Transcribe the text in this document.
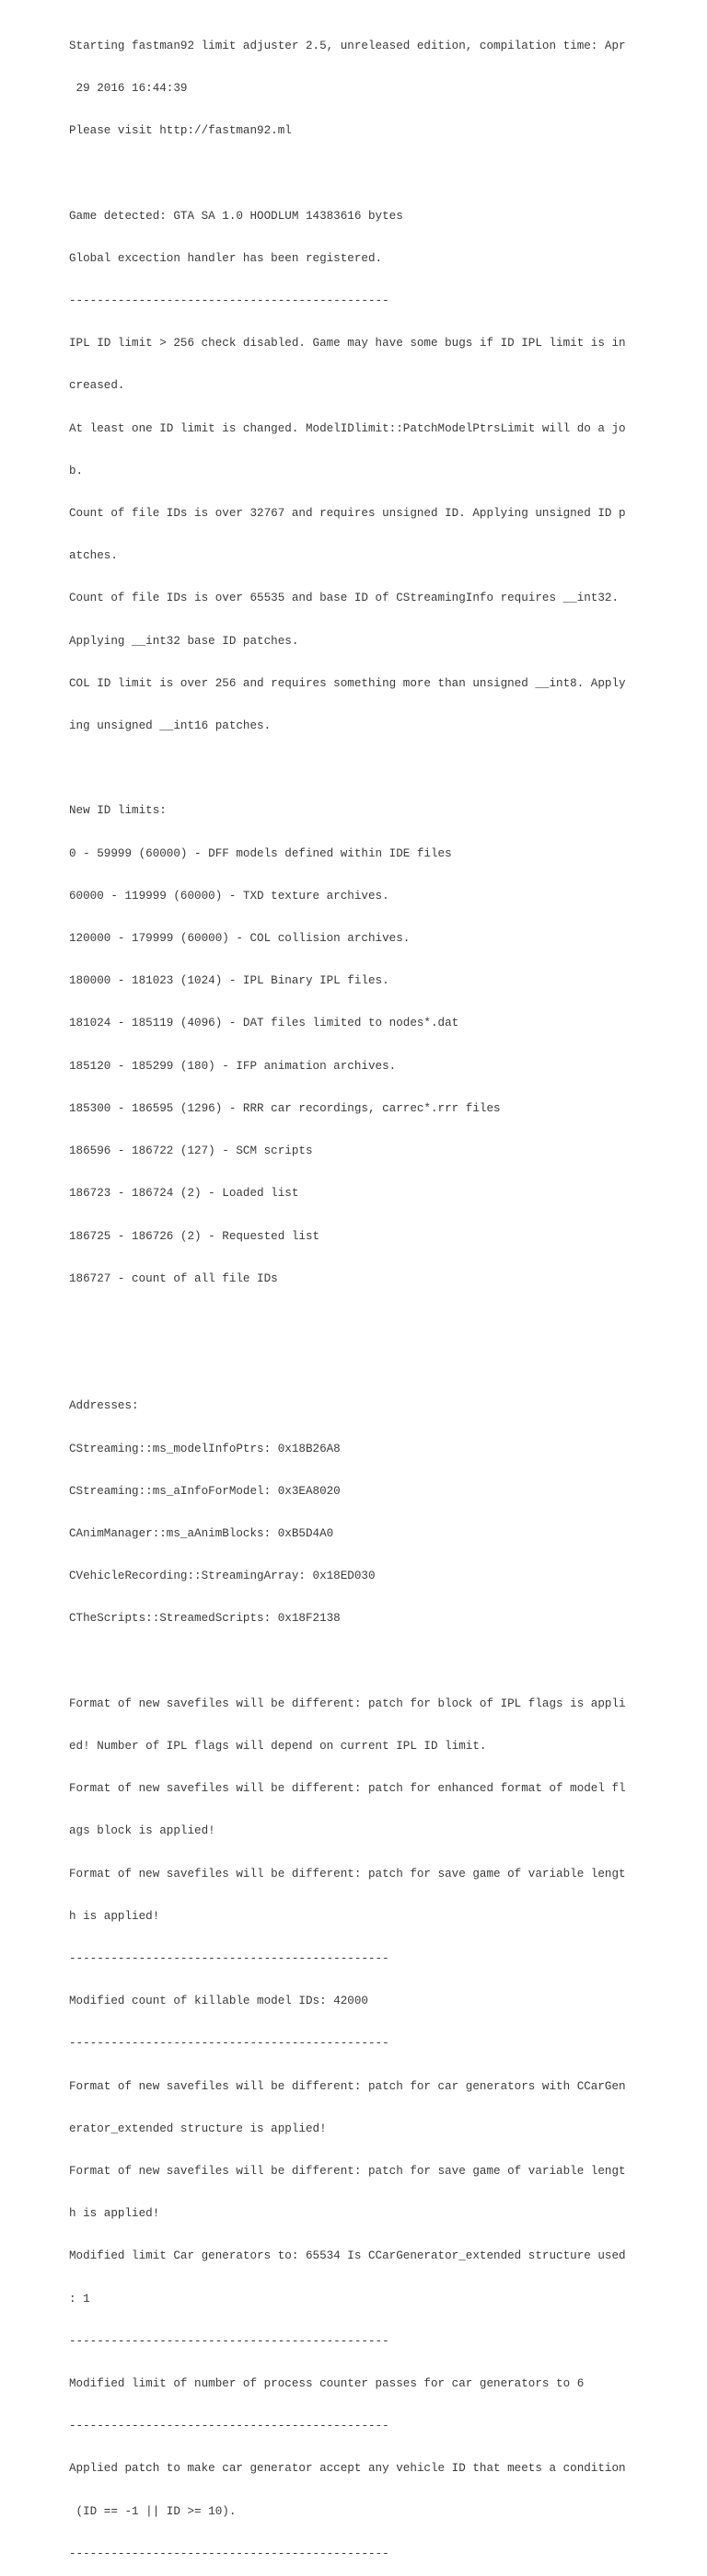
Starting fastman92 limit adjuster 2.5, unreleased edition, compilation time: Apr

29 2016 16:44:39

Please visit http://fastman92.ml

Game detected: GTA SA 1.0 HOODLUM 14383616 bytes

Global excection handler has been registered.

----------------------------------------------

IPL ID limit > 256 check disabled. Game may have some bugs if ID IPL limit is in

creased.

At least one ID limit is changed. ModelIDlimit::PatchModelPtrsLimit will do a jo

b.

Count of file IDs is over 32767 and requires unsigned ID. Applying unsigned ID p

atches.

Count of file IDs is over 65535 and base ID of CStreamingInfo requires __int32.

Applying __int32 base ID patches.

COL ID limit is over 256 and requires something more than unsigned __int8. Apply

ing unsigned __int16 patches.

New ID limits:

0 - 59999 (60000) - DFF models defined within IDE files

60000 - 119999 (60000) - TXD texture archives.

120000 - 179999 (60000) - COL collision archives.

180000 - 181023 (1024) - IPL Binary IPL files.

181024 - 185119 (4096) - DAT files limited to nodes*.dat

185120 - 185299 (180) - IFP animation archives.

185300 - 186595 (1296) - RRR car recordings, carrec*.rrr files

186596 - 186722 (127) - SCM scripts

186723 - 186724 (2) - Loaded list

186725 - 186726 (2) - Requested list

186727 - count of all file IDs

Addresses:

CStreaming::ms_modelInfoPtrs: 0x18B26A8

CStreaming::ms_aInfoForModel: 0x3EA8020

CAnimManager::ms_aAnimBlocks: 0xB5D4A0

CVehicleRecording::StreamingArray: 0x18ED030

CTheScripts::StreamedScripts: 0x18F2138

Format of new savefiles will be different: patch for block of IPL flags is appli

ed! Number of IPL flags will depend on current IPL ID limit.

Format of new savefiles will be different: patch for enhanced format of model fl

ags block is applied!

Format of new savefiles will be different: patch for save game of variable lengt

h is applied!

----------------------------------------------

Modified count of killable model IDs: 42000

----------------------------------------------

Format of new savefiles will be different: patch for car generators with CCarGen

erator_extended structure is applied!

Format of new savefiles will be different: patch for save game of variable lengt

h is applied!

Modified limit Car generators to: 65534 Is CCarGenerator_extended structure used

: 1

----------------------------------------------

Modified limit of number of process counter passes for car generators to 6

----------------------------------------------

Applied patch to make car generator accept any vehicle ID that meets a condition

(ID == -1 || ID >= 10).

----------------------------------------------
